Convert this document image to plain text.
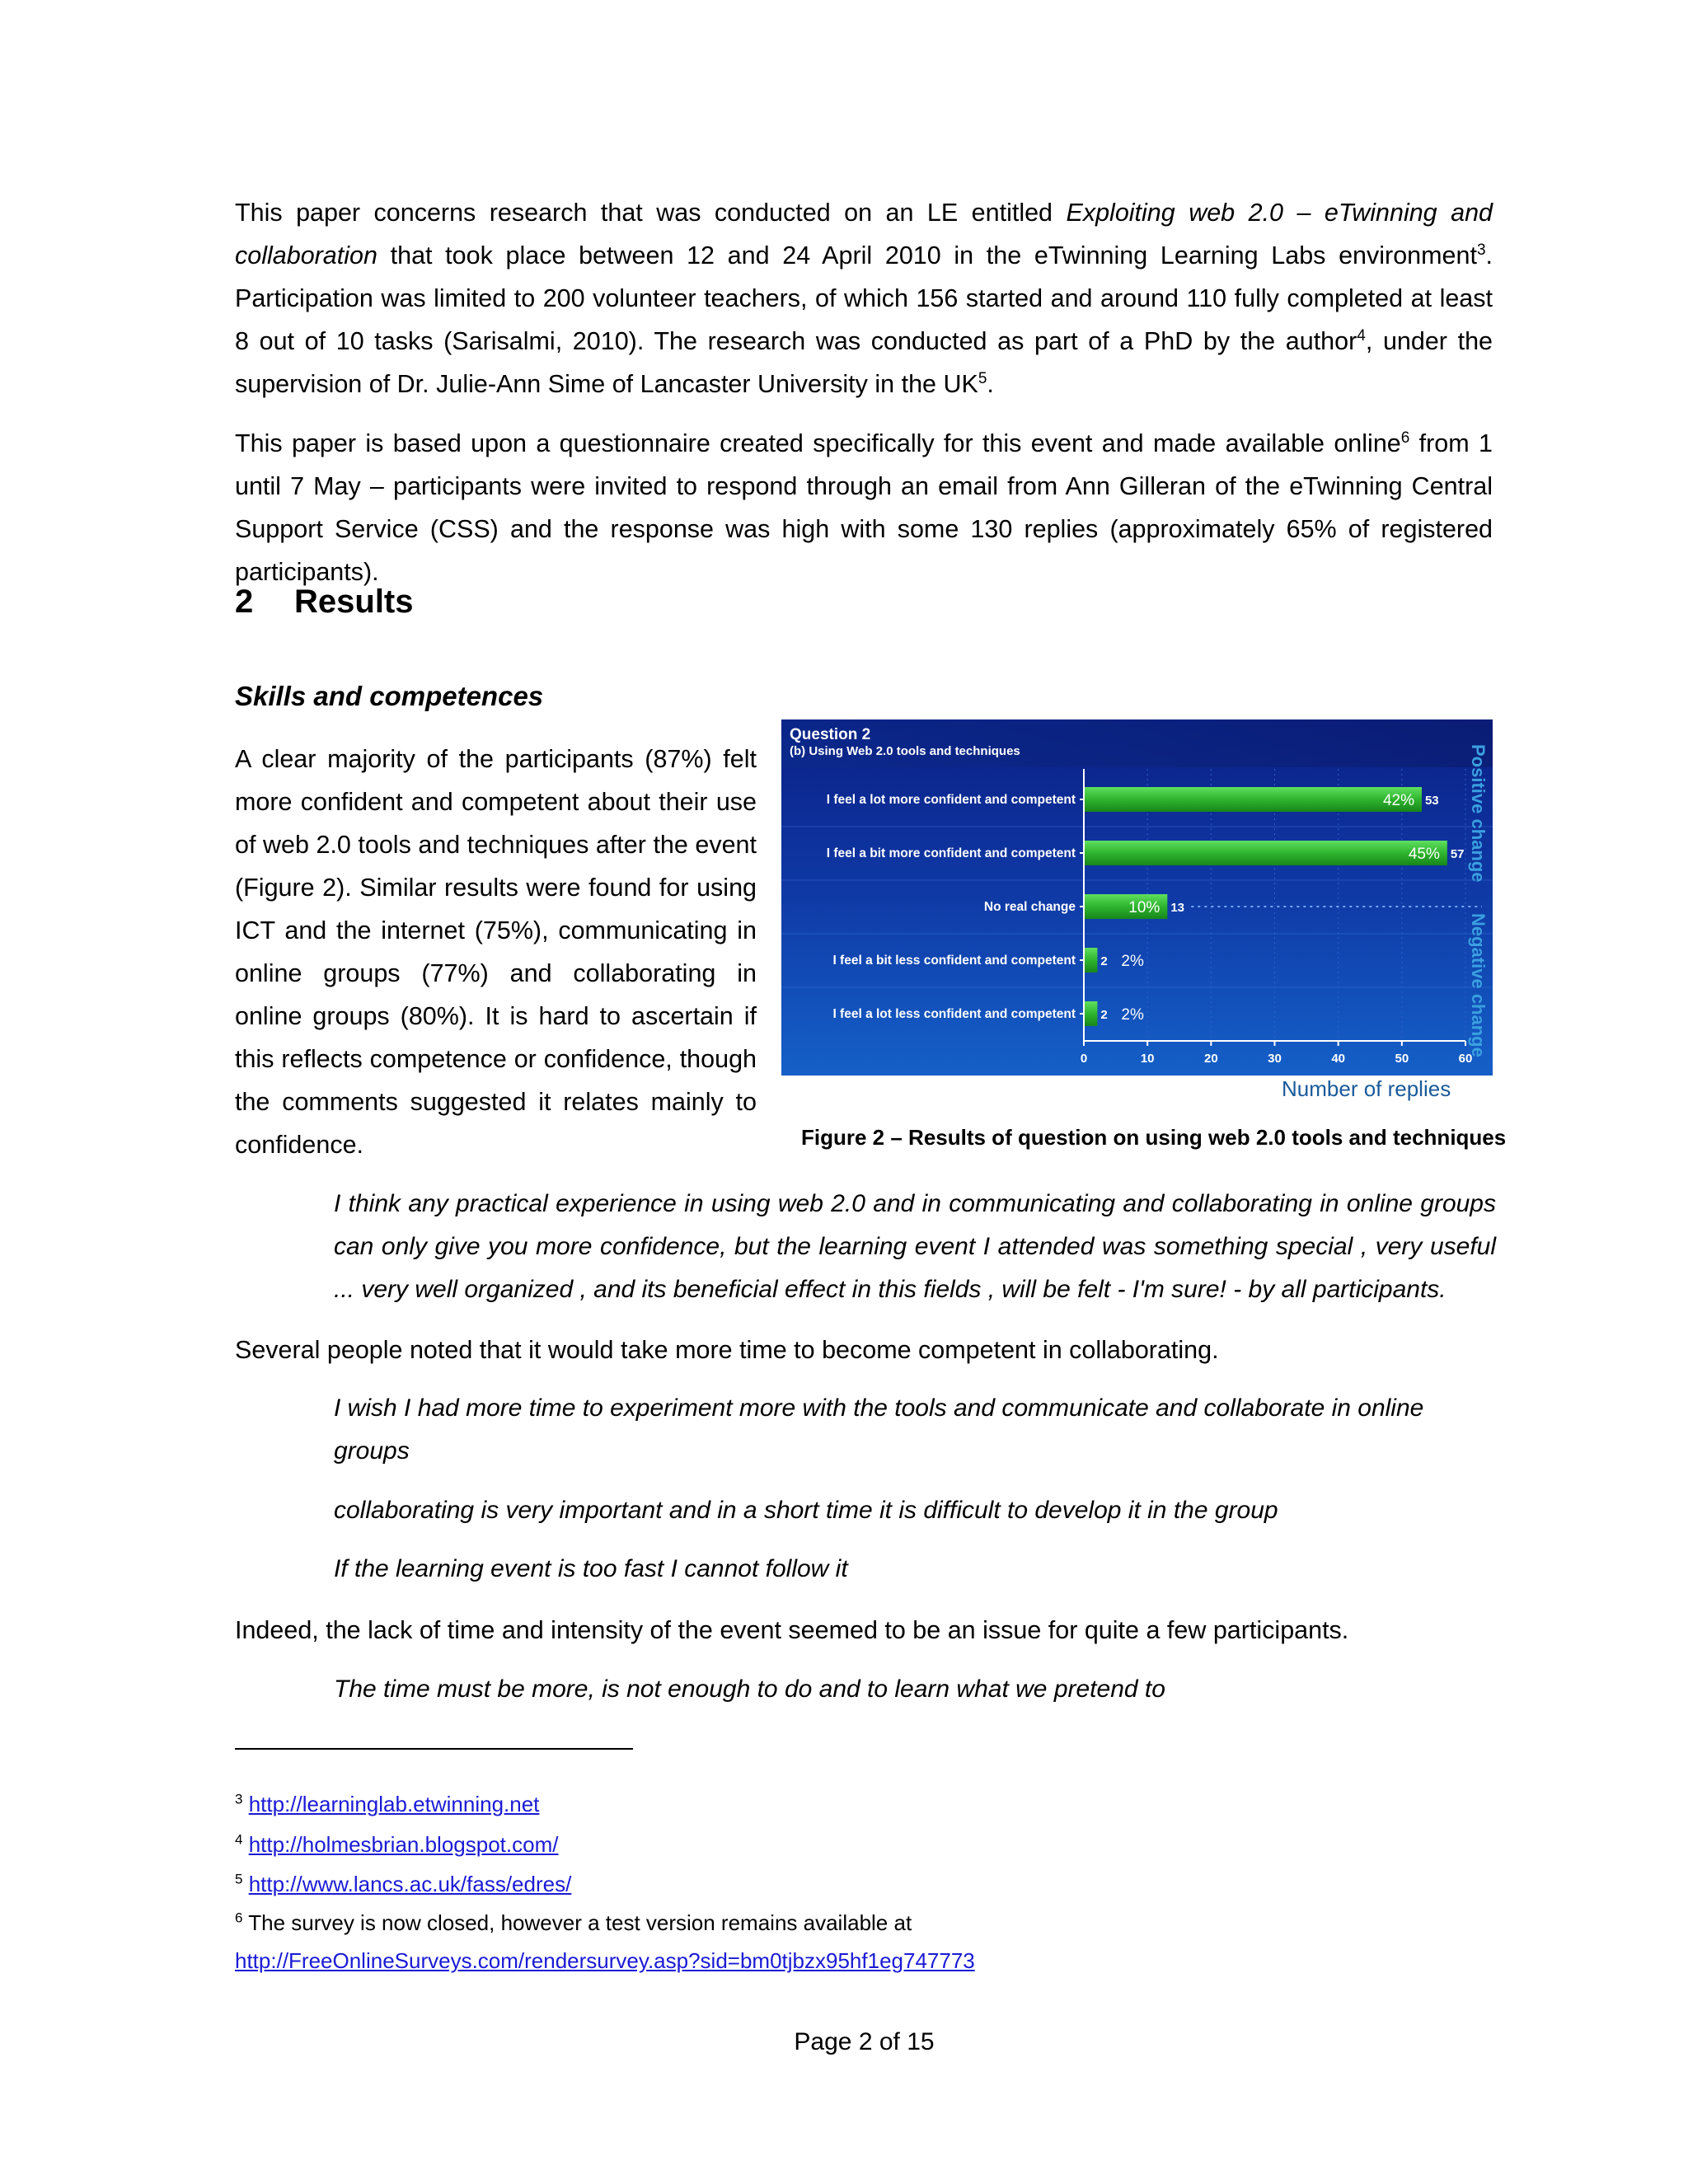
This paper concerns research that was conducted on an LE entitled Exploiting web 2.0 – eTwinning and collaboration that took place between 12 and 24 April 2010 in the eTwinning Learning Labs environment$^3$. Participation was limited to 200 volunteer teachers, of which 156 started and around 110 fully completed at least 8 out of 10 tasks (Sarisalmi, 2010). The research was conducted as part of a PhD by the author$^4$, under the supervision of Dr. Julie-Ann Sime of Lancaster University in the $UK^5$.

This paper is based upon a questionnaire created specifically for this event and made available online$^6$ from 1 until 7 May – participants were invited to respond through an email from Ann Gilleran of the eTwinning Central Support Service (CSS) and the response was high with some 130 replies (approximately 65% of registered participants).

2 Results
Skills and competences

A clear majority of the participants (87%) felt more confident and competent about their use of web 2.0 tools and techniques after the event (Figure 2). Similar results were found for using ICT and the internet (75%), communicating in online groups (77%) and collaborating in online groups (80%). It is hard to ascertain if this reflects competence or confidence, though the comments suggested it relates mainly to confidence.

Question 2
(b) Using Web 2.0 tools and techniques
I feel a lot more confident and competent
I feel a bit more confident and competent
No real change
I feel a bit less confident and competent
I feel a lot less confident and competent
53
42%
57
45%
13
10%
2 2%
2 2%
0	10	20	30	40	50	60
Positive change
Negative change
Number of replies
Figure 2 – Results of question on using web 2.0 tools and techniques

I think any practical experience in using web 2.0 and in communicating and collaborating in online groups can only give you more confidence, but the learning event I attended was something special , very useful ... very well organized , and its beneficial effect in this fields , will be felt - I'm sure! - by all participants.

Several people noted that it would take more time to become competent in collaborating.

I wish I had more time to experiment more with the tools and communicate and collaborate in online groups

collaborating is very important and in a short time it is difficult to develop it in the group

If the learning event is too fast I cannot follow it

Indeed, the lack of time and intensity of the event seemed to be an issue for quite a few participants.

The time must be more, is not enough to do and to learn what we pretend to

$^3$ http://learninglab.etwinning.net

$^4$ http://holmesbrian.blogspot.com/

$^5$ http://www.lancs.ac.uk/fass/edres/

$^6$ The survey is now closed, however a test version remains available at

http://FreeOnlineSurveys.com/rendersurvey.asp?sid=bm0tjbzx95hf1eg747773

Page 2 of 15
